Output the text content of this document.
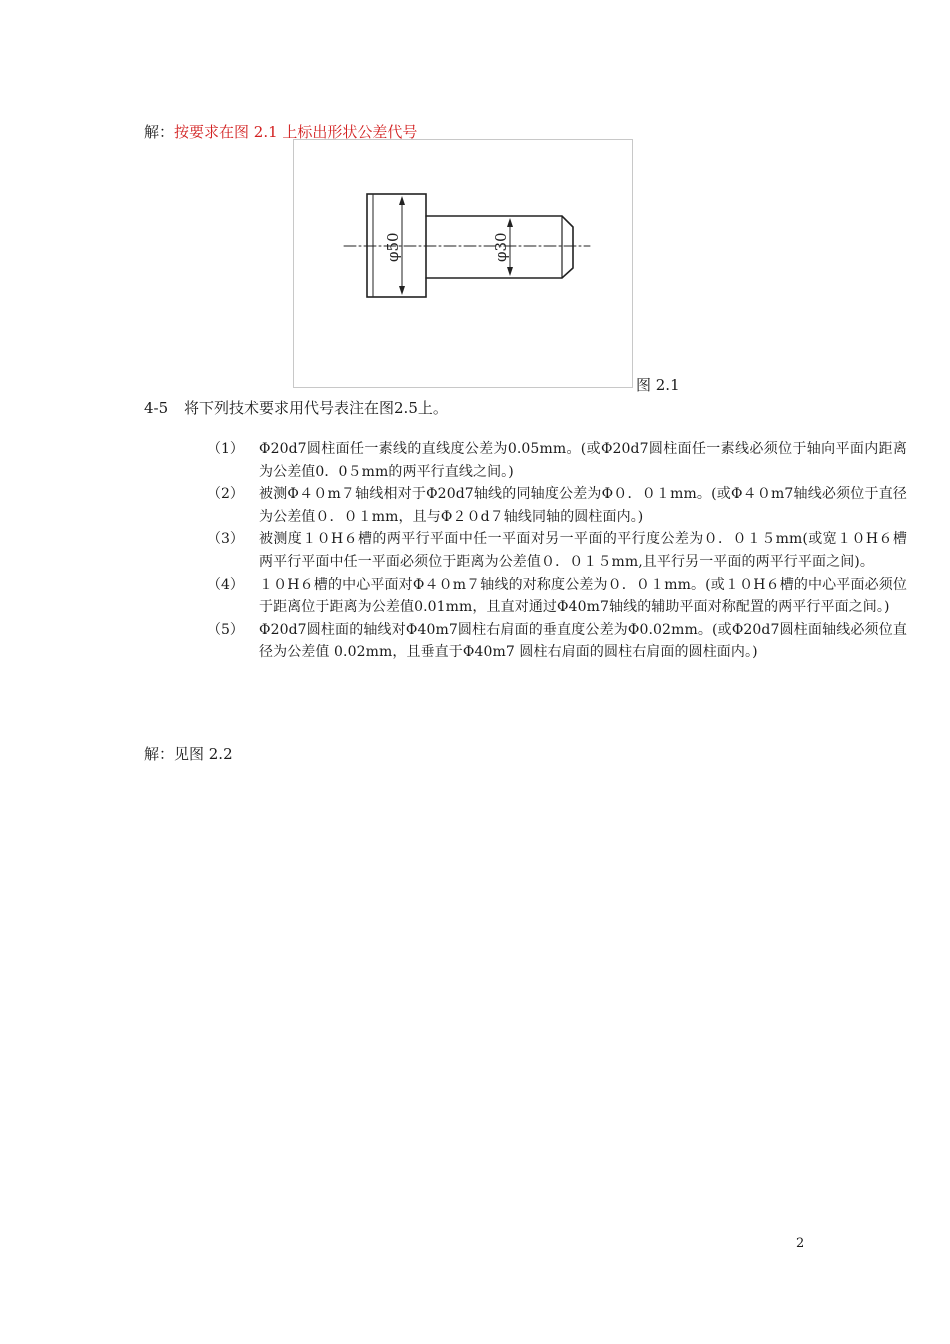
解：按要求在图 2.1 上标出形状公差代号
φ50	φ30
图 2.1
4-5 将下列技术要求用代号表注在图2.5上。
（1）	Φ20d7圆柱面任一素线的直线度公差为0.05mm。(或Φ20d7圆柱面任一素线必须位于轴向平面内距离为公差值0．0５mm的两平行直线之间。)
（2）	被测Φ４０m７轴线相对于Φ20d7轴线的同轴度公差为Φ０．０１mm。(或Φ４０m7轴线必须位于直径为公差值０．０１mm，且与Φ２０d７轴线同轴的圆柱面内。)
（3）	被测度１０H６槽的两平行平面中任一平面对另一平面的平行度公差为０．０１５mm(或宽１０H６槽两平行平面中任一平面必须位于距离为公差值０．０１５mm,且平行另一平面的两平行平面之间)。
（4）	１０H６槽的中心平面对Φ４０m７轴线的对称度公差为０．０１mm。(或１０H６槽的中心平面必须位于距离位于距离为公差值0.01mm，且直对通过Φ40m7轴线的辅助平面对称配置的两平行平面之间。)
（5）	Φ20d7圆柱面的轴线对Φ40m7圆柱右肩面的垂直度公差为Φ0.02mm。(或Φ20d7圆柱面轴线必须位直径为公差值 0.02mm，且垂直于Φ40m7 圆柱右肩面的圆柱右肩面的圆柱面内。)
解：见图 2.2
2
